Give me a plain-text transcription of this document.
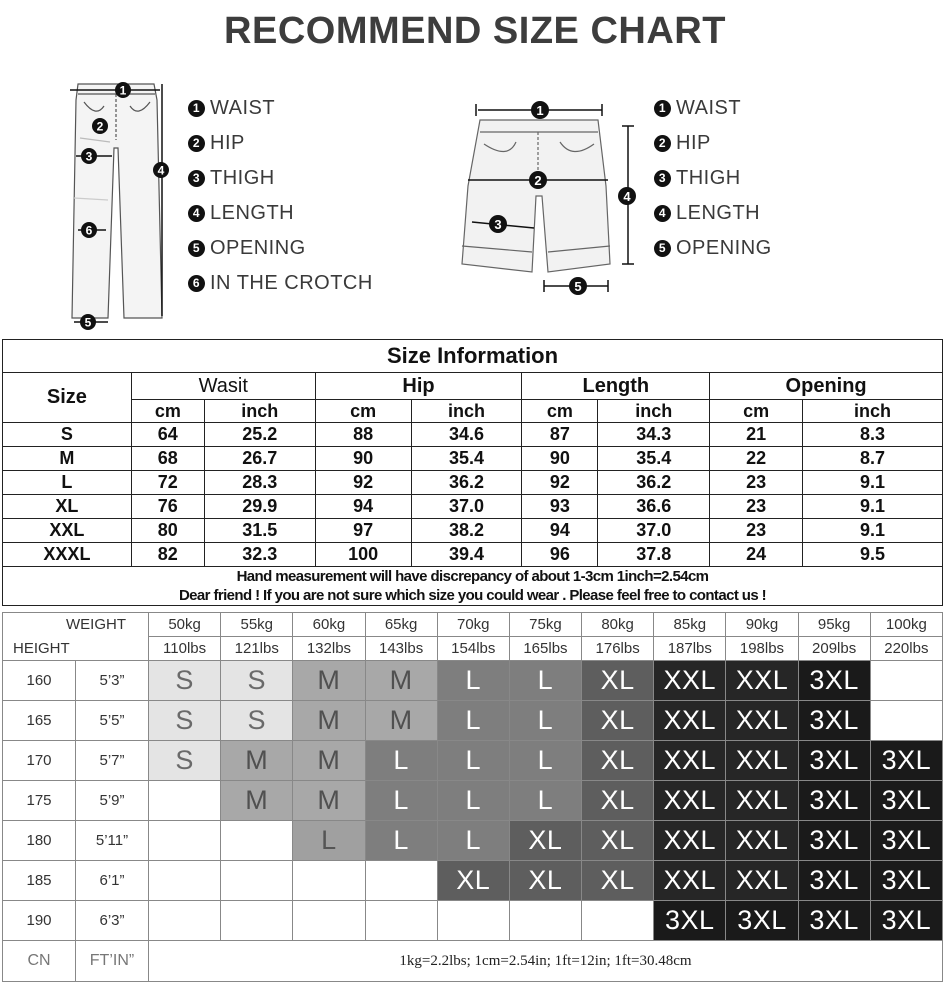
RECOMMEND SIZE CHART
1
2
3
4
6
5
1 WAIST
2 HIP
3 THIGH
4 LENGTH
5 OPENING
6 IN THE CROTCH
1
2
3
4
5
1 WAIST
2 HIP
3 THIGH
4 LENGTH
5 OPENING
Size Information								
Size	Wasit		Hip		Length		Opening	
	cm	inch	cm	inch	cm	inch	cm	inch
S	64	25.2	88	34.6	87	34.3	21	8.3
M	68	26.7	90	35.4	90	35.4	22	8.7
L	72	28.3	92	36.2	92	36.2	23	9.1
XL	76	29.9	94	37.0	93	36.6	23	9.1
XXL	80	31.5	97	38.2	94	37.0	23	9.1
XXXL	82	32.3	100	39.4	96	37.8	24	9.5

Hand measurement will have discrepancy of about 1-3cm 1inch=2.54cm
Dear friend ! If you are not sure which size you could wear . Please feel free to contact us !								
WEIGHT		50kg	55kg	60kg	65kg	70kg	75kg	80kg	85kg	90kg	95kg	100kg
HEIGHT		110lbs	121lbs	132lbs	143lbs	154lbs	165lbs	176lbs	187lbs	198lbs	209lbs	220lbs
160	5’3”	S	S	M	M	L	L	XL	XXL	XXL	3XL	
165	5’5”	S	S	M	M	L	L	XL	XXL	XXL	3XL	
170	5’7”	S	M	M	L	L	L	XL	XXL	XXL	3XL	3XL
175	5’9”		M	M	L	L	L	XL	XXL	XXL	3XL	3XL
180	5’11”			L	L	L	XL	XL	XXL	XXL	3XL	3XL
185	6’1”					XL	XL	XL	XXL	XXL	3XL	3XL
190	6’3”								3XL	3XL	3XL	3XL
CN	FT’IN”	1kg=2.2lbs; 1cm=2.54in; 1ft=12in; 1ft=30.48cm										
